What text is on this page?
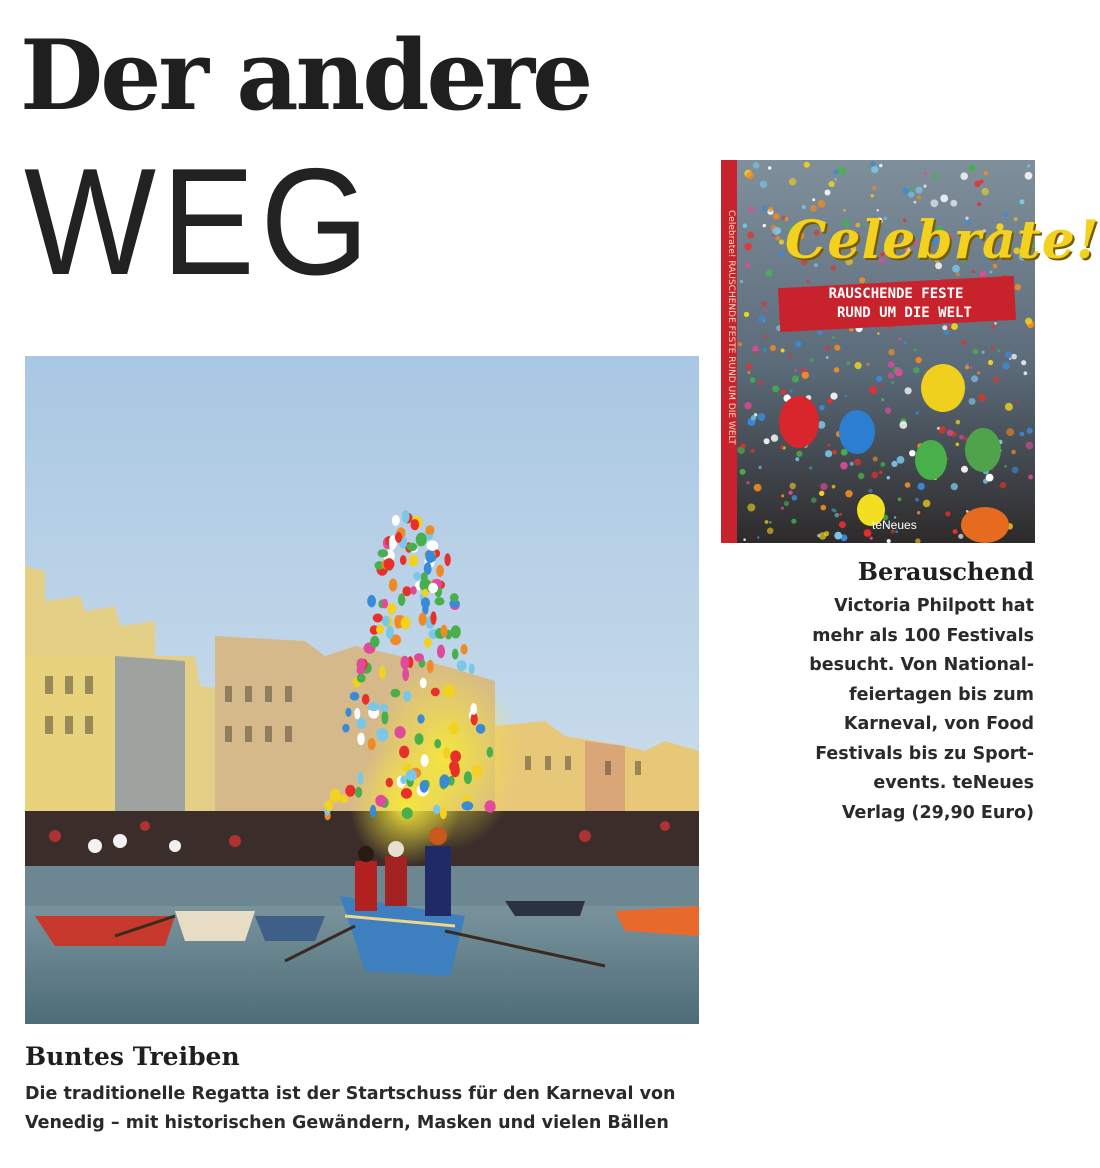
Der andere
WEG
Buntes Treiben
Die traditionelle Regatta ist der Startschuss für den Karneval von Venedig – mit historischen Gewändern, Masken und vielen Bällen
Celebrate! RAUSCHENDE FESTE RUND UM DIE WELT Celebrate!
RAUSCHENDE FESTE
RUND UM DIE WELT
teNeues
Berauschend
Victoria Philpott hat
mehr als 100 Festivals
besucht. Von National-
feiertagen bis zum
Karneval, von Food
Festivals bis zu Sport-
events. teNeues
Verlag (29,90 Euro)
